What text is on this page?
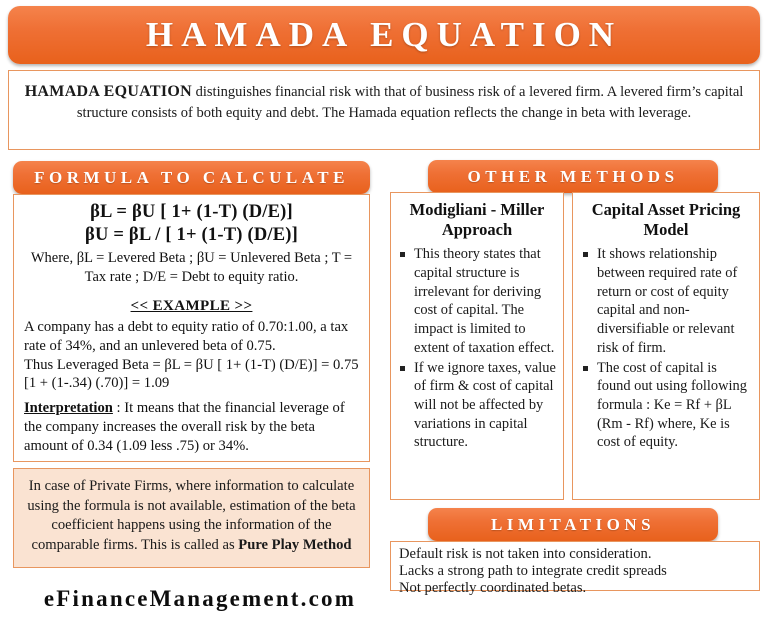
HAMADA EQUATION
HAMADA EQUATION distinguishes financial risk with that of business risk of a levered firm. A levered firm’s capital structure consists of both equity and debt. The Hamada equation reflects the change in beta with leverage.
FORMULA TO CALCULATE
βL = βU [ 1+ (1-T) (D/E)]
βU = βL / [ 1+ (1-T) (D/E)]
Where, βL = Levered Beta ; βU = Unlevered Beta ; T = Tax rate ; D/E = Debt to equity ratio.
<< EXAMPLE >>
A company has a debt to equity ratio of 0.70:1.00, a tax rate of 34%, and an unlevered beta of 0.75.
Thus Leveraged Beta = βL = βU [ 1+ (1-T) (D/E)] = 0.75 [1 + (1-.34) (.70)] = 1.09
Interpretation : It means that the financial leverage of the company increases the overall risk by the beta amount of 0.34 (1.09 less .75) or 34%.
In case of Private Firms, where information to calculate using the formula is not available, estimation of the beta coefficient happens using the information of the comparable firms. This is called as Pure Play Method
OTHER METHODS
Modigliani - Miller Approach
This theory states that capital structure is irrelevant for deriving cost of capital. The impact is limited to extent of taxation effect.
If we ignore taxes, value of firm & cost of capital will not be affected by variations in capital structure.
Capital Asset Pricing Model
It shows relationship between required rate of return or cost of equity capital and non-diversifiable or relevant risk of firm.
The cost of capital is found out using following formula : Ke = Rf + βL (Rm - Rf) where, Ke is cost of equity.
LIMITATIONS
Default risk is not taken into consideration.
Lacks a strong path to integrate credit spreads
Not perfectly coordinated betas.
eFinanceManagement.com
